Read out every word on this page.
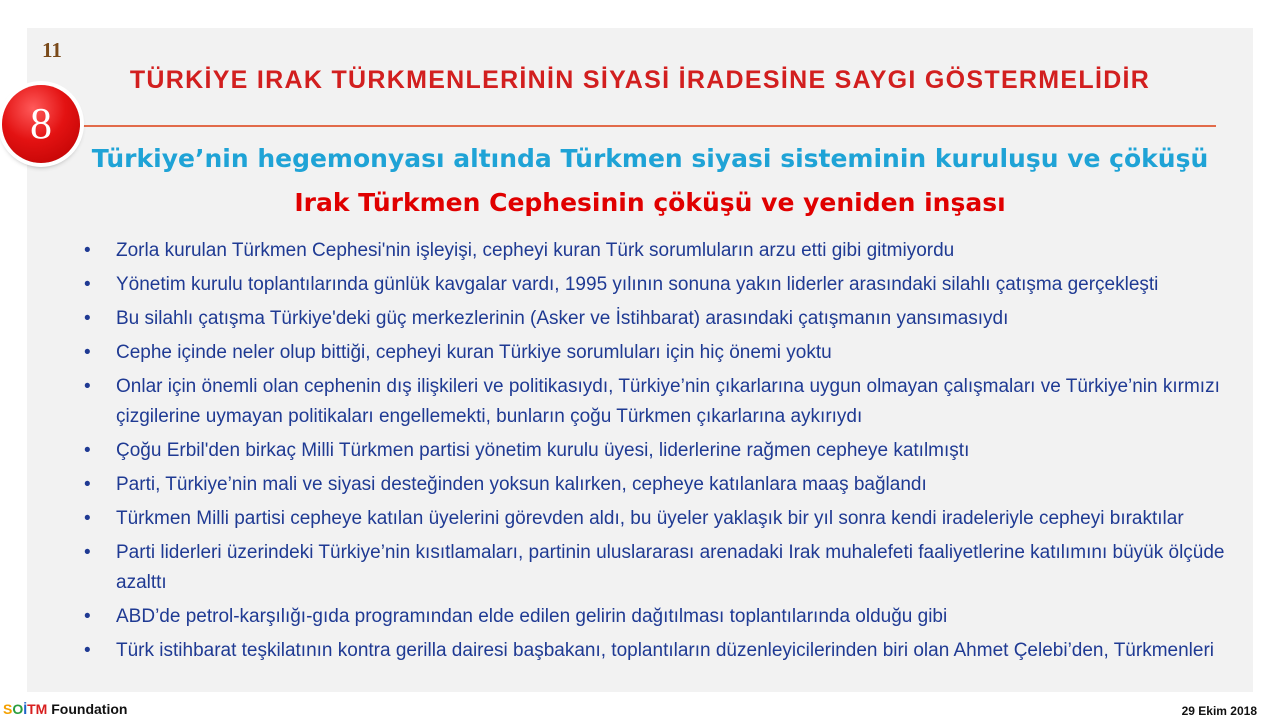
11
TÜRKİYE IRAK TÜRKMENLERİNİN SİYASİ İRADESİNE SAYGI GÖSTERMELİDİR
8
Türkiye’nin hegemonyası altında Türkmen siyasi sisteminin kuruluşu ve çöküşü
Irak Türkmen Cephesinin çöküşü ve yeniden inşası
• Zorla kurulan Türkmen Cephesi'nin işleyişi, cepheyi kuran Türk sorumluların arzu etti gibi gitmiyordu
• Yönetim kurulu toplantılarında günlük kavgalar vardı, 1995 yılının sonuna yakın liderler arasındaki silahlı çatışma gerçekleşti
• Bu silahlı çatışma Türkiye'deki güç merkezlerinin (Asker ve İstihbarat) arasındaki çatışmanın yansımasıydı
• Cephe içinde neler olup bittiği, cepheyi kuran Türkiye sorumluları için hiç önemi yoktu
• Onlar için önemli olan cephenin dış ilişkileri ve politikasıydı, Türkiye’nin çıkarlarına uygun olmayan çalışmaları ve Türkiye’nin kırmızı çizgilerine uymayan politikaları engellemekti, bunların çoğu Türkmen çıkarlarına aykırıydı
• Çoğu Erbil'den birkaç Milli Türkmen partisi yönetim kurulu üyesi, liderlerine rağmen cepheye katılmıştı
• Parti, Türkiye’nin mali ve siyasi desteğinden yoksun kalırken, cepheye katılanlara maaş bağlandı
• Türkmen Milli partisi cepheye katılan üyelerini görevden aldı, bu üyeler yaklaşık bir yıl sonra kendi iradeleriyle cepheyi bıraktılar
• Parti liderleri üzerindeki Türkiye’nin kısıtlamaları, partinin uluslararası arenadaki Irak muhalefeti faaliyetlerine katılımını büyük ölçüde azalttı
• ABD’de petrol-karşılığı-gıda programından elde edilen gelirin dağıtılması toplantılarında olduğu gibi
• Türk istihbarat teşkilatının kontra gerilla dairesi başbakanı, toplantıların düzenleyicilerinden biri olan Ahmet Çelebi’den, Türkmenleri
SOİTM Foundation	29 Ekim 2018
